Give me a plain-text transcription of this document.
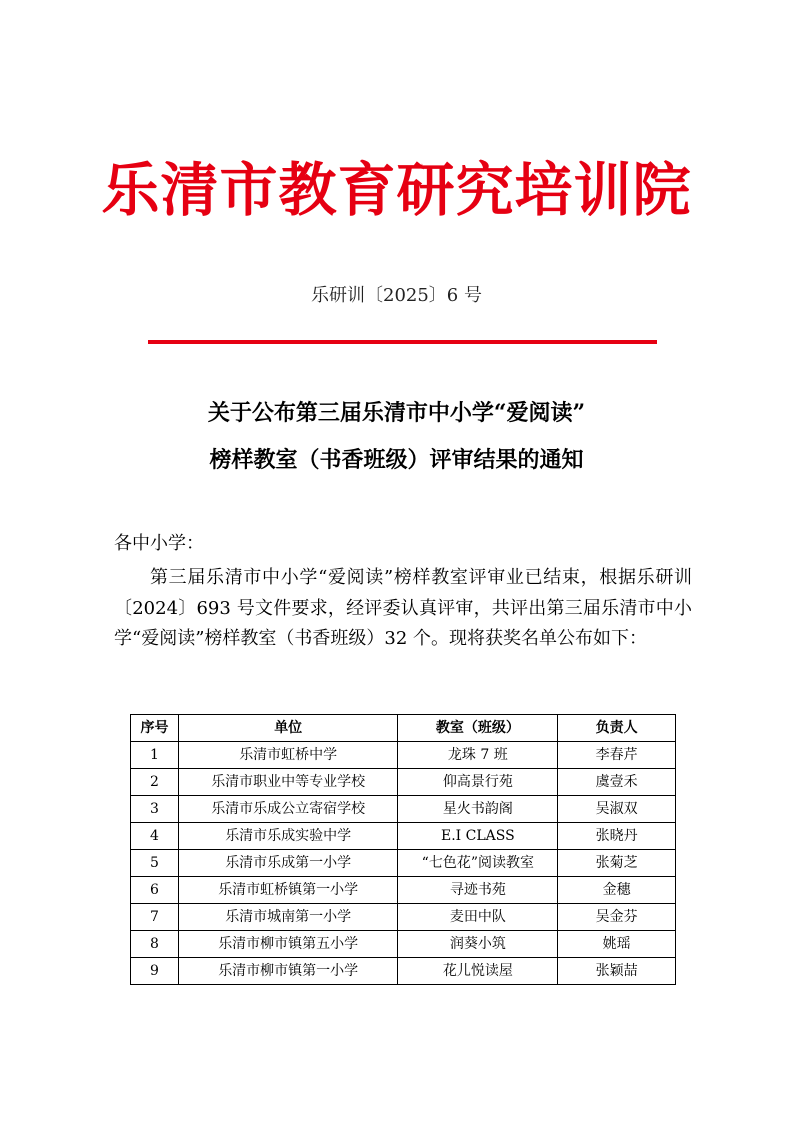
乐清市教育研究培训院
乐研训〔2025〕6 号
关于公布第三届乐清市中小学“爱阅读”
榜样教室（书香班级）评审结果的通知
各中小学：

第三届乐清市中小学“爱阅读”榜样教室评审业已结束，根据乐研训〔2024〕693 号文件要求，经评委认真评审，共评出第三届乐清市中小学“爱阅读”榜样教室（书香班级）32 个。现将获奖名单公布如下：

序号	单位	教室（班级）	负责人
1	乐清市虹桥中学	龙珠 7 班	李春芹
2	乐清市职业中等专业学校	仰高景行苑	虞壹禾
3	乐清市乐成公立寄宿学校	星火书韵阁	吴淑双
4	乐清市乐成实验中学	E.I CLASS	张晓丹
5	乐清市乐成第一小学	“七色花”阅读教室	张菊芝
6	乐清市虹桥镇第一小学	寻迹书苑	金穗
7	乐清市城南第一小学	麦田中队	吴金芬
8	乐清市柳市镇第五小学	润葵小筑	姚瑶
9	乐清市柳市镇第一小学	花儿悦读屋	张颖喆
